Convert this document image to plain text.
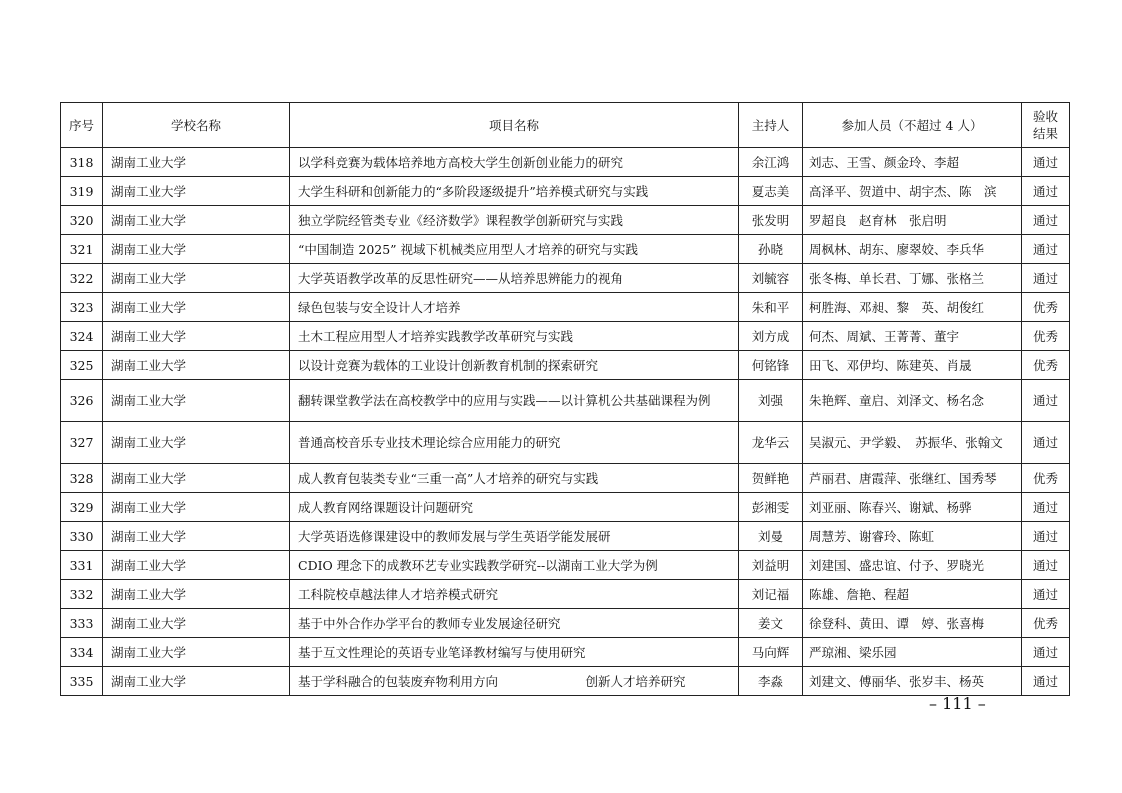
序号	学校名称	项目名称	主持人	参加人员（不超过 4 人）	验收结果
318	湖南工业大学	以学科竞赛为载体培养地方高校大学生创新创业能力的研究	余江鸿	刘志、王雪、颜金玲、李超	通过
319	湖南工业大学	大学生科研和创新能力的“多阶段逐级提升”培养模式研究与实践	夏志美	高泽平、贺道中、胡宇杰、陈　滨	通过
320	湖南工业大学	独立学院经管类专业《经济数学》课程教学创新研究与实践	张发明	罗超良　赵育林　张启明	通过
321	湖南工业大学	“中国制造 2025” 视域下机械类应用型人才培养的研究与实践	孙晓	周枫林、胡东、廖翠姣、李兵华	通过
322	湖南工业大学	大学英语教学改革的反思性研究——从培养思辨能力的视角	刘毓容	张冬梅、单长君、丁娜、张格兰	通过
323	湖南工业大学	绿色包装与安全设计人才培养	朱和平	柯胜海、邓昶、黎　英、胡俊红	优秀
324	湖南工业大学	土木工程应用型人才培养实践教学改革研究与实践	刘方成	何杰、周斌、王菁菁、董宇	优秀
325	湖南工业大学	以设计竞赛为载体的工业设计创新教育机制的探索研究	何铭锋	田飞、邓伊均、陈建英、肖晟	优秀
326	湖南工业大学	翻转课堂教学法在高校教学中的应用与实践——以计算机公共基础课程为例	刘强	朱艳辉、童启、刘泽文、杨名念	通过
327	湖南工业大学	普通高校音乐专业技术理论综合应用能力的研究	龙华云	吴淑元、尹学毅、　苏振华、张翰文	通过
328	湖南工业大学	成人教育包装类专业“三重一高”人才培养的研究与实践	贺鲜艳	芦丽君、唐霞萍、张继红、国秀琴	优秀
329	湖南工业大学	成人教育网络课题设计问题研究	彭湘雯	刘亚丽、陈春兴、谢斌、杨骅	通过
330	湖南工业大学	大学英语选修课建设中的教师发展与学生英语学能发展研	刘曼	周慧芳、谢睿玲、陈虹	通过
331	湖南工业大学	CDIO 理念下的成教环艺专业实践教学研究--以湖南工业大学为例	刘益明	刘建国、盛忠谊、付予、罗晓光	通过
332	湖南工业大学	工科院校卓越法律人才培养模式研究	刘记福	陈雄、詹艳、程超	通过
333	湖南工业大学	基于中外合作办学平台的教师专业发展途径研究	姜文	徐登科、黄田、谭　婷、张喜梅	优秀
334	湖南工业大学	基于互文性理论的英语专业笔译教材编写与使用研究	马向辉	严琼湘、梁乐园	通过
335	湖南工业大学	基于学科融合的包装废弃物利用方向　　　　　　　创新人才培养研究	李淼	刘建文、傅丽华、张岁丰、杨英	通过
– 111 –
